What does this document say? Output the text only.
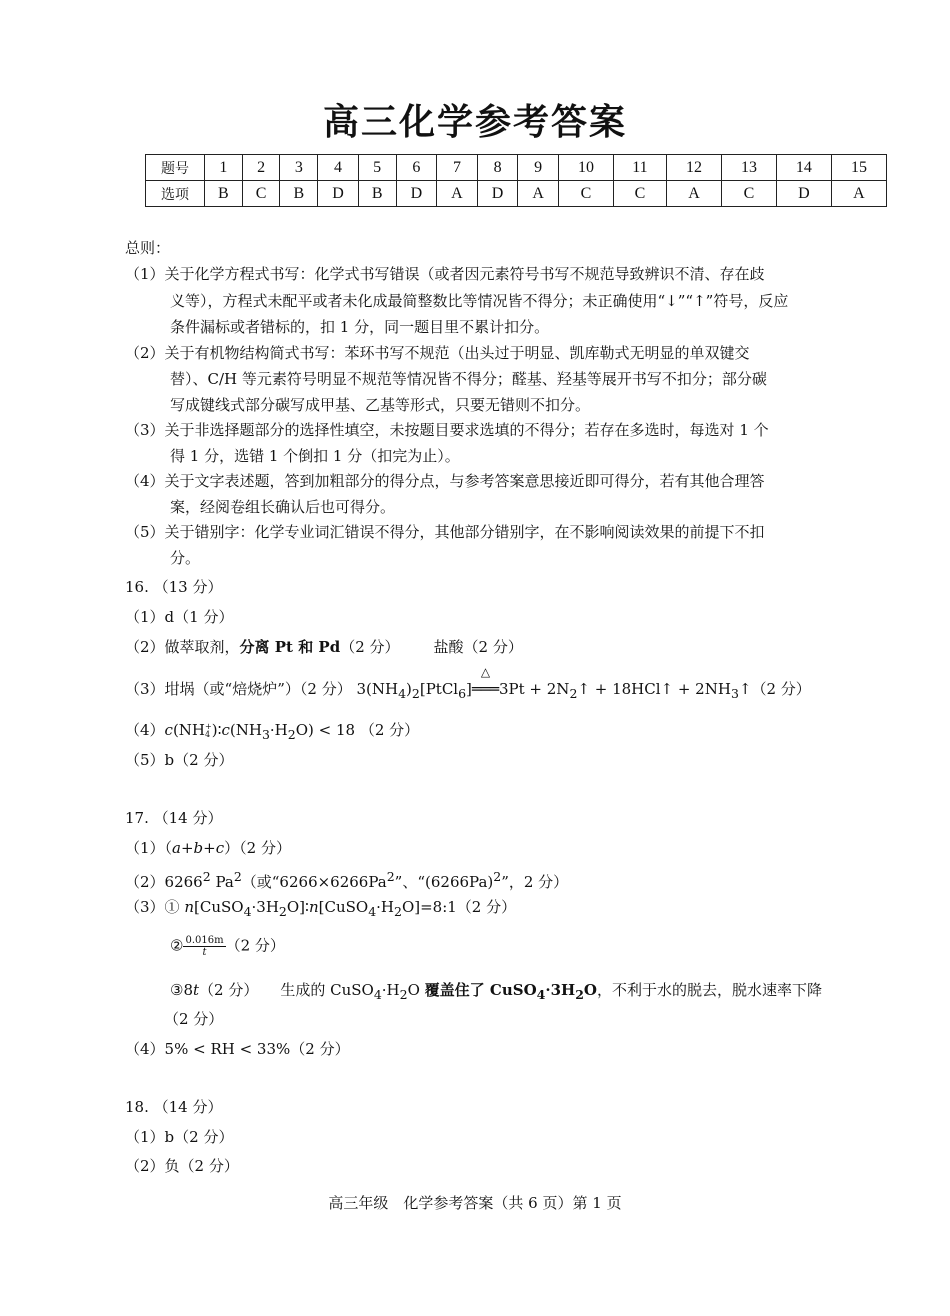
高三化学参考答案
题号	1	2	3	4	5	6	7	8	9	10	11	12	13	14	15
选项	B	C	B	D	B	D	A	D	A	C	C	A	C	D	A
总则：
（1）关于化学方程式书写：化学式书写错误（或者因元素符号书写不规范导致辨识不清、存在歧
义等），方程式未配平或者未化成最简整数比等情况皆不得分；未正确使用“↓”“↑”符号，反应
条件漏标或者错标的，扣 1 分，同一题目里不累计扣分。
（2）关于有机物结构简式书写：苯环书写不规范（出头过于明显、凯库勒式无明显的单双键交
替）、C/H 等元素符号明显不规范等情况皆不得分；醛基、羟基等展开书写不扣分；部分碳
写成键线式部分碳写成甲基、乙基等形式，只要无错则不扣分。
（3）关于非选择题部分的选择性填空，未按题目要求选填的不得分；若存在多选时，每选对 1 个
得 1 分，选错 1 个倒扣 1 分（扣完为止）。
（4）关于文字表述题，答到加粗部分的得分点，与参考答案意思接近即可得分，若有其他合理答
案，经阅卷组长确认后也可得分。
（5）关于错别字：化学专业词汇错误不得分，其他部分错别字，在不影响阅读效果的前提下不扣
分。
16. （13 分）
（1）d（1 分）
（2）做萃取剂，分离 Pt 和 Pd（2 分） 盐酸（2 分）
（3）坩埚（或“焙烧炉”）（2 分） $3(NH_4)_2[PtCl_6]═══$
△
$3Pt + 2N_2↑$ + 18HCl↑ + $2NH_3↑(2$ 分）
（4）c(NH +
4 )$∶c(NH_3\cdot H_2O) < 18$ （2 分）
（5）b（2 分）
17. （14 分）
（1）（a+b+c）（2 分）
（2）6266$^2$ Pa$^2$（或“$6266\times 6266Pa^2$”、“$(6266Pa)^2$”，2 分）
（3）① $n[CuSO_4\cdot 3H_2O]∶n[CuSO_4\cdot H_2O]=8:1(2$ 分）
② $\frac{0.016m}{t} (2$ 分）
③8t（2 分） 生成的 $CuSO_4\cdot H_2O$ 覆盖住了 $CuSO_4\cdot 3H_2O$，不利于水的脱去，脱水速率下降
（2 分）
（4）5% < RH < 33%（2 分）
18. （14 分）
（1）b（2 分）
（2）负（2 分）
高三年级　化学参考答案（共 6 页）第 1 页
